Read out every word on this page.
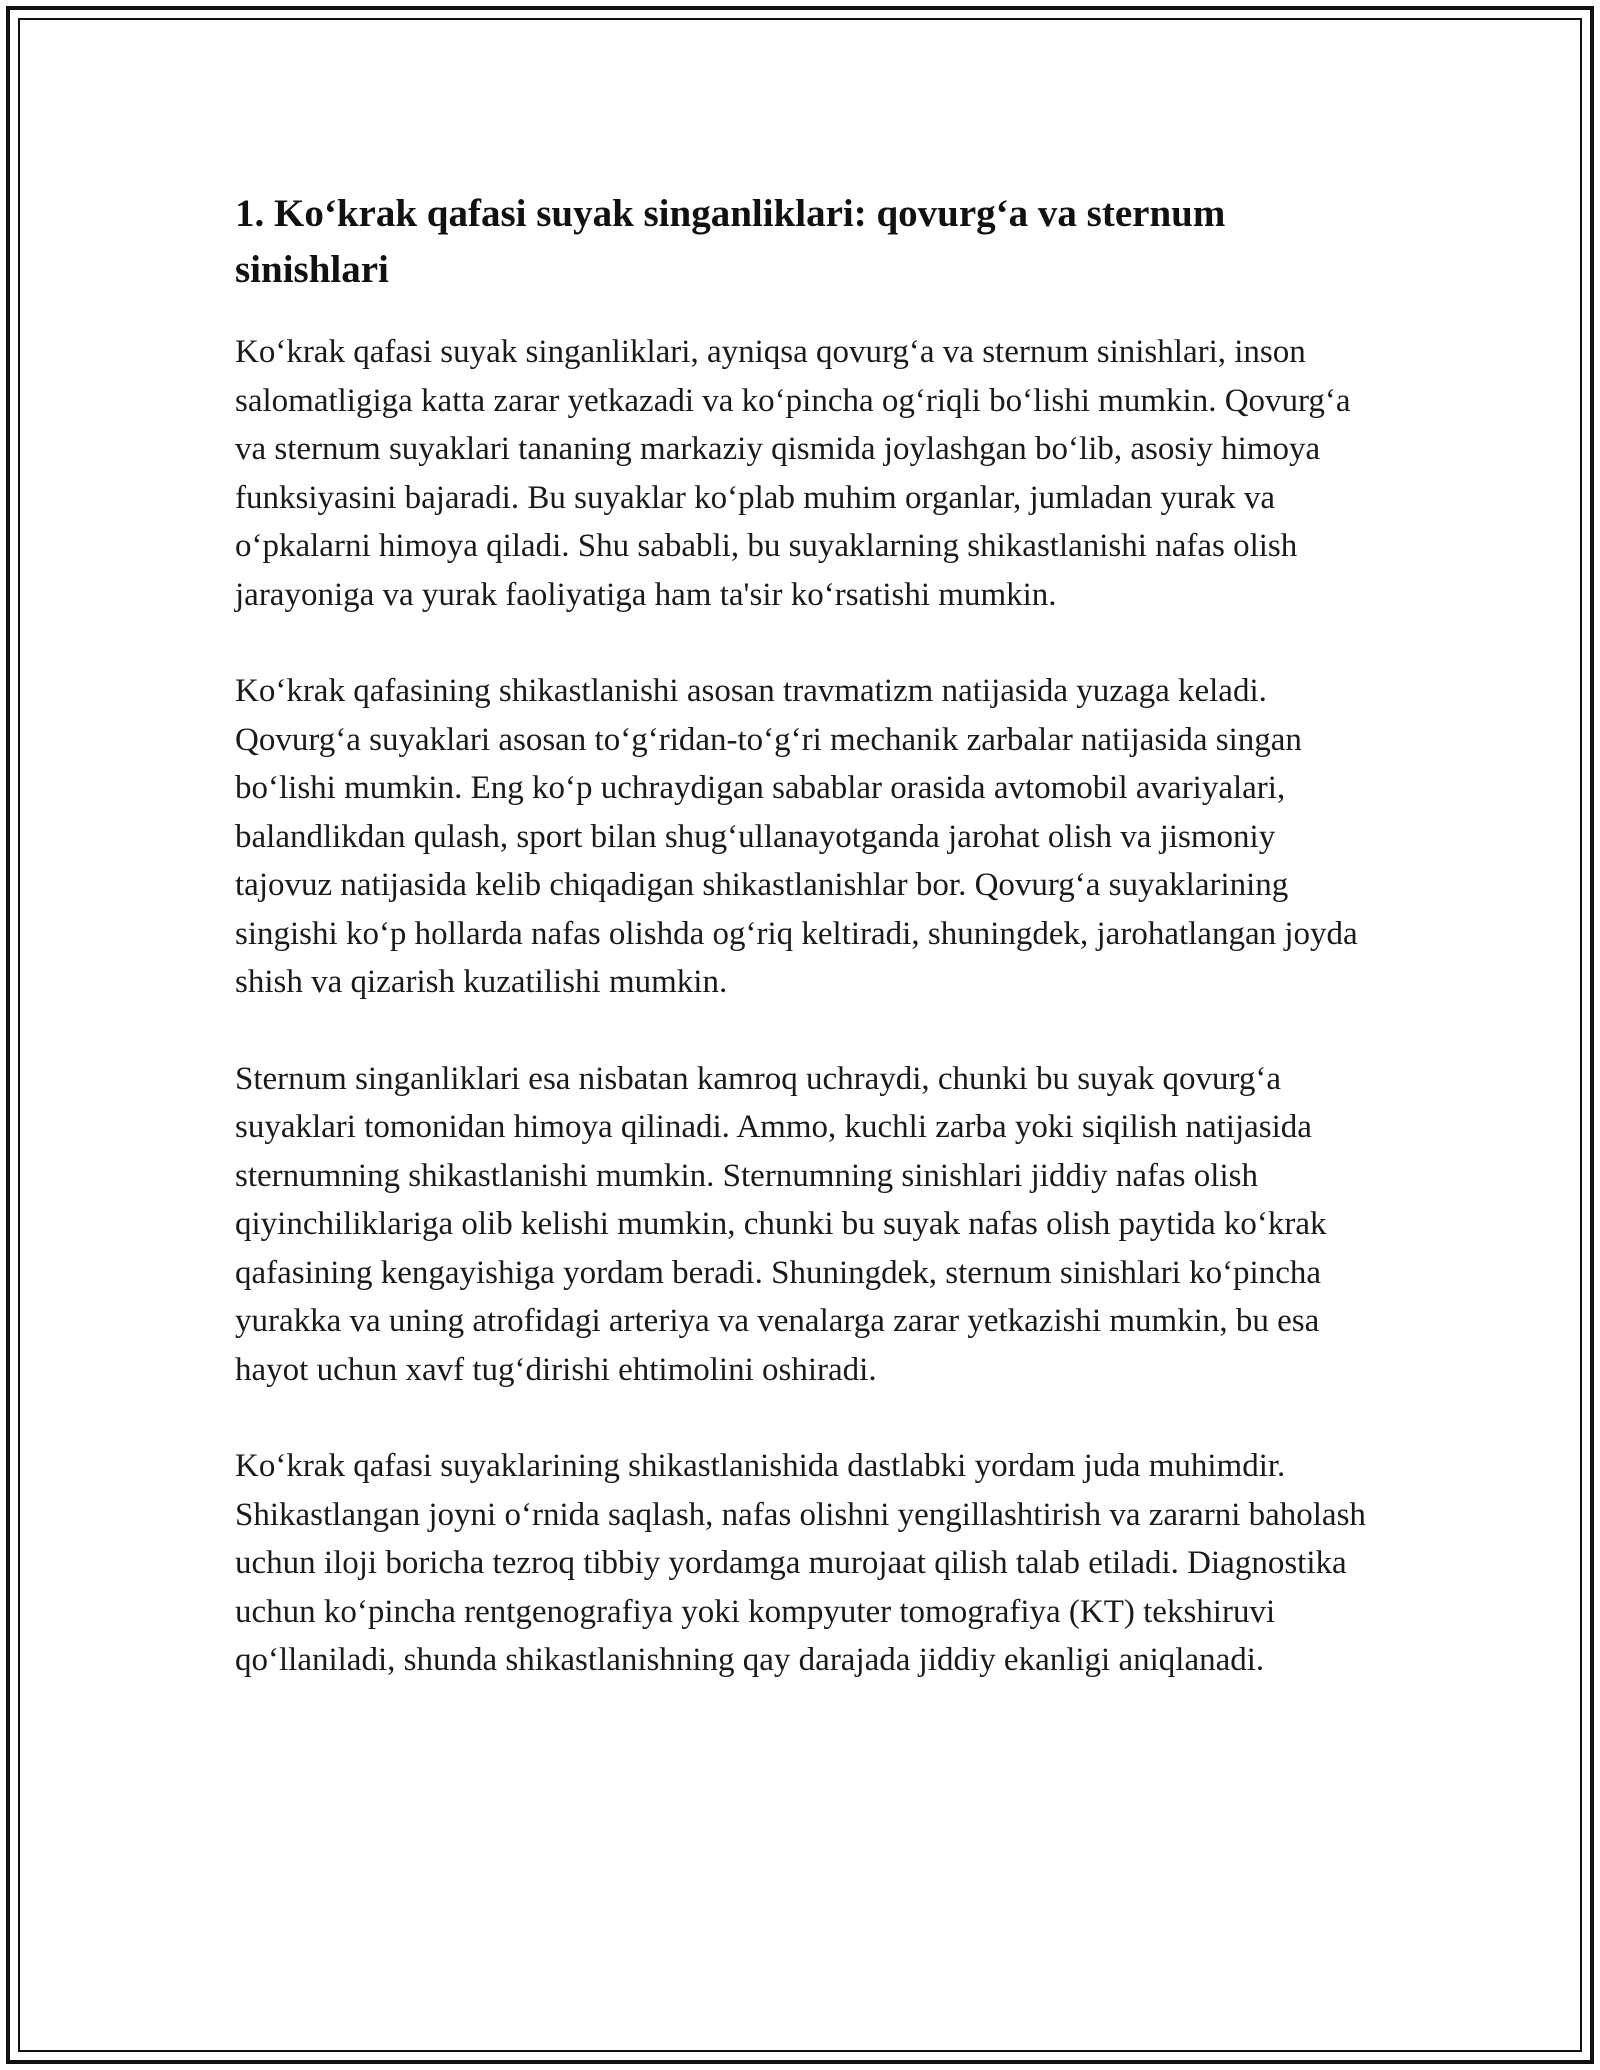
1. Ko‘krak qafasi suyak singanliklari: qovurg‘a va sternum sinishlari

Ko‘krak qafasi suyak singanliklari, ayniqsa qovurg‘a va sternum sinishlari, inson salomatligiga katta zarar yetkazadi va ko‘pincha og‘riqli bo‘lishi mumkin. Qovurg‘a va sternum suyaklari tananing markaziy qismida joylashgan bo‘lib, asosiy himoya funksiyasini bajaradi. Bu suyaklar ko‘plab muhim organlar, jumladan yurak va o‘pkalarni himoya qiladi. Shu sababli, bu suyaklarning shikastlanishi nafas olish jarayoniga va yurak faoliyatiga ham ta'sir ko‘rsatishi mumkin.

Ko‘krak qafasining shikastlanishi asosan travmatizm natijasida yuzaga keladi. Qovurg‘a suyaklari asosan to‘g‘ridan-to‘g‘ri mechanik zarbalar natijasida singan bo‘lishi mumkin. Eng ko‘p uchraydigan sabablar orasida avtomobil avariyalari, balandlikdan qulash, sport bilan shug‘ullanayotganda jarohat olish va jismoniy tajovuz natijasida kelib chiqadigan shikastlanishlar bor. Qovurg‘a suyaklarining singishi ko‘p hollarda nafas olishda og‘riq keltiradi, shuningdek, jarohatlangan joyda shish va qizarish kuzatilishi mumkin.

Sternum singanliklari esa nisbatan kamroq uchraydi, chunki bu suyak qovurg‘a suyaklari tomonidan himoya qilinadi. Ammo, kuchli zarba yoki siqilish natijasida sternumning shikastlanishi mumkin. Sternumning sinishlari jiddiy nafas olish qiyinchiliklariga olib kelishi mumkin, chunki bu suyak nafas olish paytida ko‘krak qafasining kengayishiga yordam beradi. Shuningdek, sternum sinishlari ko‘pincha yurakka va uning atrofidagi arteriya va venalarga zarar yetkazishi mumkin, bu esa hayot uchun xavf tug‘dirishi ehtimolini oshiradi.

Ko‘krak qafasi suyaklarining shikastlanishida dastlabki yordam juda muhimdir. Shikastlangan joyni o‘rnida saqlash, nafas olishni yengillashtirish va zararni baholash uchun iloji boricha tezroq tibbiy yordamga murojaat qilish talab etiladi. Diagnostika uchun ko‘pincha rentgenografiya yoki kompyuter tomografiya (KT) tekshiruvi qo‘llaniladi, shunda shikastlanishning qay darajada jiddiy ekanligi aniqlanadi.
